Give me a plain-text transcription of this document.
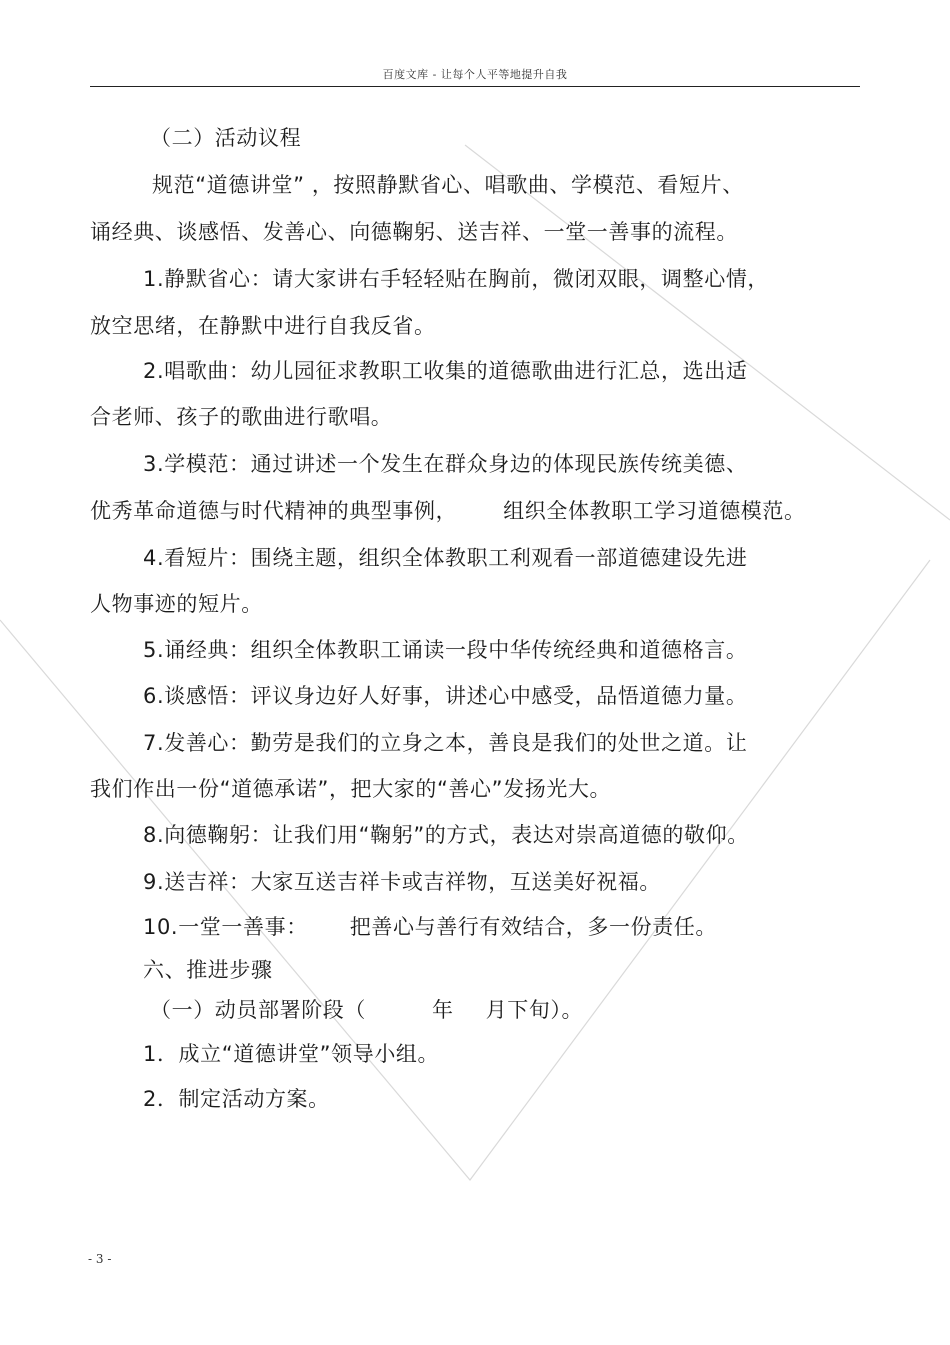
百度文库 - 让每个人平等地提升自我
（二）活动议程
规范“道德讲堂” ，按照静默省心、唱歌曲、学模范、看短片、
诵经典、谈感悟、发善心、向德鞠躬、送吉祥、一堂一善事的流程。
1.静默省心：请大家讲右手轻轻贴在胸前，微闭双眼，调整心情，
放空思绪，在静默中进行自我反省。
2.唱歌曲：幼儿园征求教职工收集的道德歌曲进行汇总，选出适
合老师、孩子的歌曲进行歌唱。
3.学模范：通过讲述一个发生在群众身边的体现民族传统美德、
优秀革命道德与时代精神的典型事例， 组织全体教职工学习道德模范。
4.看短片：围绕主题，组织全体教职工利观看一部道德建设先进
人物事迹的短片。
5.诵经典：组织全体教职工诵读一段中华传统经典和道德格言。
6.谈感悟：评议身边好人好事，讲述心中感受，品悟道德力量。
7.发善心：勤劳是我们的立身之本，善良是我们的处世之道。让
我们作出一份“道德承诺”，把大家的“善心”发扬光大。
8.向德鞠躬：让我们用“鞠躬”的方式，表达对崇高道德的敬仰。
9.送吉祥：大家互送吉祥卡或吉祥物，互送美好祝福。
10.一堂一善事： 把善心与善行有效结合，多一份责任。
六、推进步骤
（一）动员部署阶段（	年 月下旬）。
1．成立“道德讲堂”领导小组。
2．制定活动方案。
- 3 -
